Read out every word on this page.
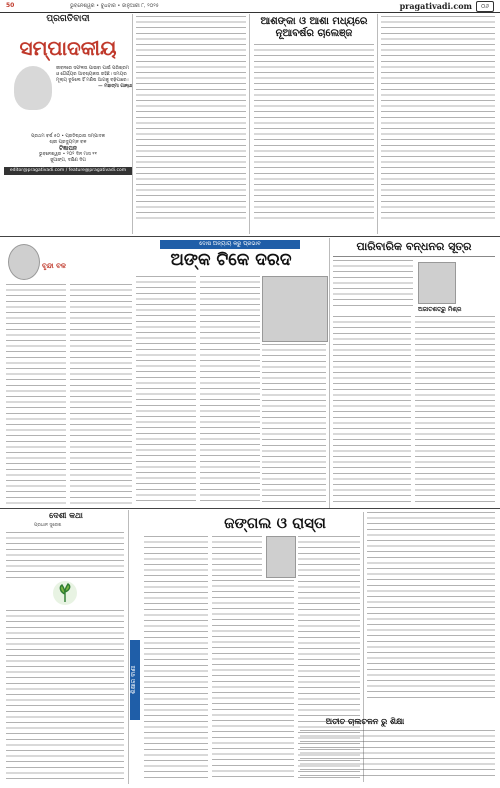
50	ଭୁବନେଶ୍ୱର • ବୁଧବାର • ଜାନୁଆରୀ ୮, ୨୦୨୫	pragativadi.com	୦୬
ପ୍ରଗତିବାଦୀ
ସମ୍ପାଦକୀୟ
ଜୀବନରେ ସଫଳତା ପାଇବା ପାଇଁ ପରିଶ୍ରମ ଓ ଧୈର୍ଯ୍ୟର ଆବଶ୍ୟକତା ରହିଛି। ସମୟର ମୂଲ୍ୟ ବୁଝିଲେ ହିଁ ମଣିଷ ଆଗକୁ ବଢ଼ିପାରେ।
— ମହାତ୍ମା ଗାନ୍ଧୀ
ପ୍ରଥମ ବର୍ଷ ୫୦ • ପ୍ରତିଷ୍ଠାତା ସମ୍ପାଦକ
ଶ୍ରୀ ପ୍ରଦ୍ୟୁମ୍ନ ବଳ
ଟିଜ୍ଞାପନ
ଭୁବନେଶ୍ୱର • ୨୦୨ ଦିନ ମାସ ୧୧
ଜୁଆଙ୍ଗ, ଦକ୍ଷିଣ ଦିଗ
editor@pragativadi.com / feature@pragativadi.com
ଆଶଙ୍କା ଓ ଆଶା ମଧ୍ୟରେ ନୂଆବର୍ଷର ଚାଲେଞ୍ଜ
ଦୋଷ ଅନ୍ୟାୟ କରୁ ପ୍ରଭାବ
ଅଙ୍କ ଟିକେ ଦରଦ
ବୃନ୍ଦା ବଳ
ପାରିବାରିକ ବନ୍ଧନର ସୂତ୍ର
ଅଜାତଶତ୍ରୁ ମିଶ୍ର
ଦେଶୀ କଥା
ପ୍ରଧାନ ସୁରେଶ
ଶିକ୍ଷାର ବାଣୀ
ଜଙ୍ଗଲ ଓ ରାସ୍ତା
ଅତୀତ ଚାଲଚଳନ ରୁ ଶିକ୍ଷା
